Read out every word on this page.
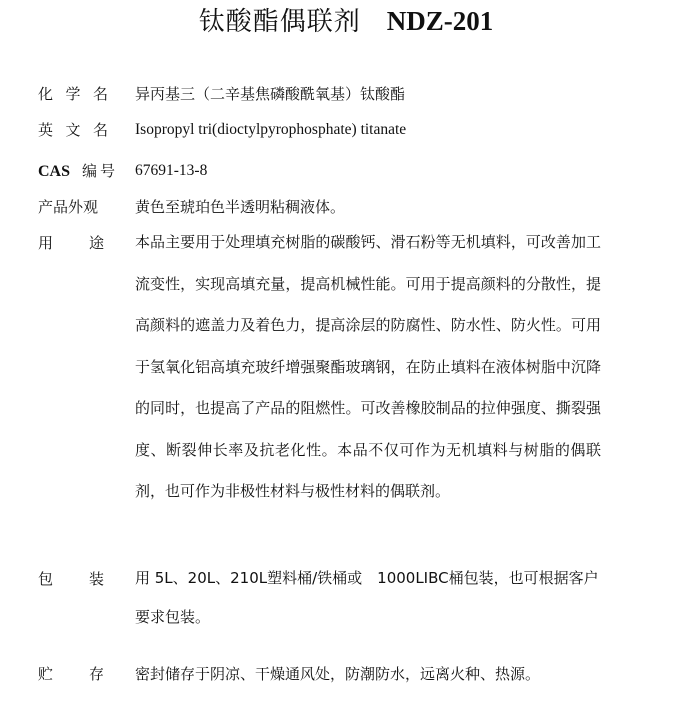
钛酸酯偶联剂 NDZ-201
化学名 异丙基三（二辛基焦磷酸酰氧基）钛酸酯
英文名 Isopropyl tri(dioctylpyrophosphate) titanate
CAS 编号 67691-13-8
产品外观 黄色至琥珀色半透明粘稠液体。
用途 本品主要用于处理填充树脂的碳酸钙、滑石粉等无机填料，可改善加工流变性，实现高填充量，提高机械性能。可用于提高颜料的分散性，提高颜料的遮盖力及着色力，提高涂层的防腐性、防水性、防火性。可用于氢氧化铝高填充玻纤增强聚酯玻璃钢，在防止填料在液体树脂中沉降的同时，也提高了产品的阻燃性。可改善橡胶制品的拉伸强度、撕裂强度、断裂伸长率及抗老化性。本品不仅可作为无机填料与树脂的偶联剂，也可作为非极性材料与极性材料的偶联剂。
包装 用 5L、20L、210L塑料桶/铁桶或　1000LIBC桶包装，也可根据客户要求包装。
贮存 密封储存于阴凉、干燥通风处，防潮防水，远离火种、热源。
